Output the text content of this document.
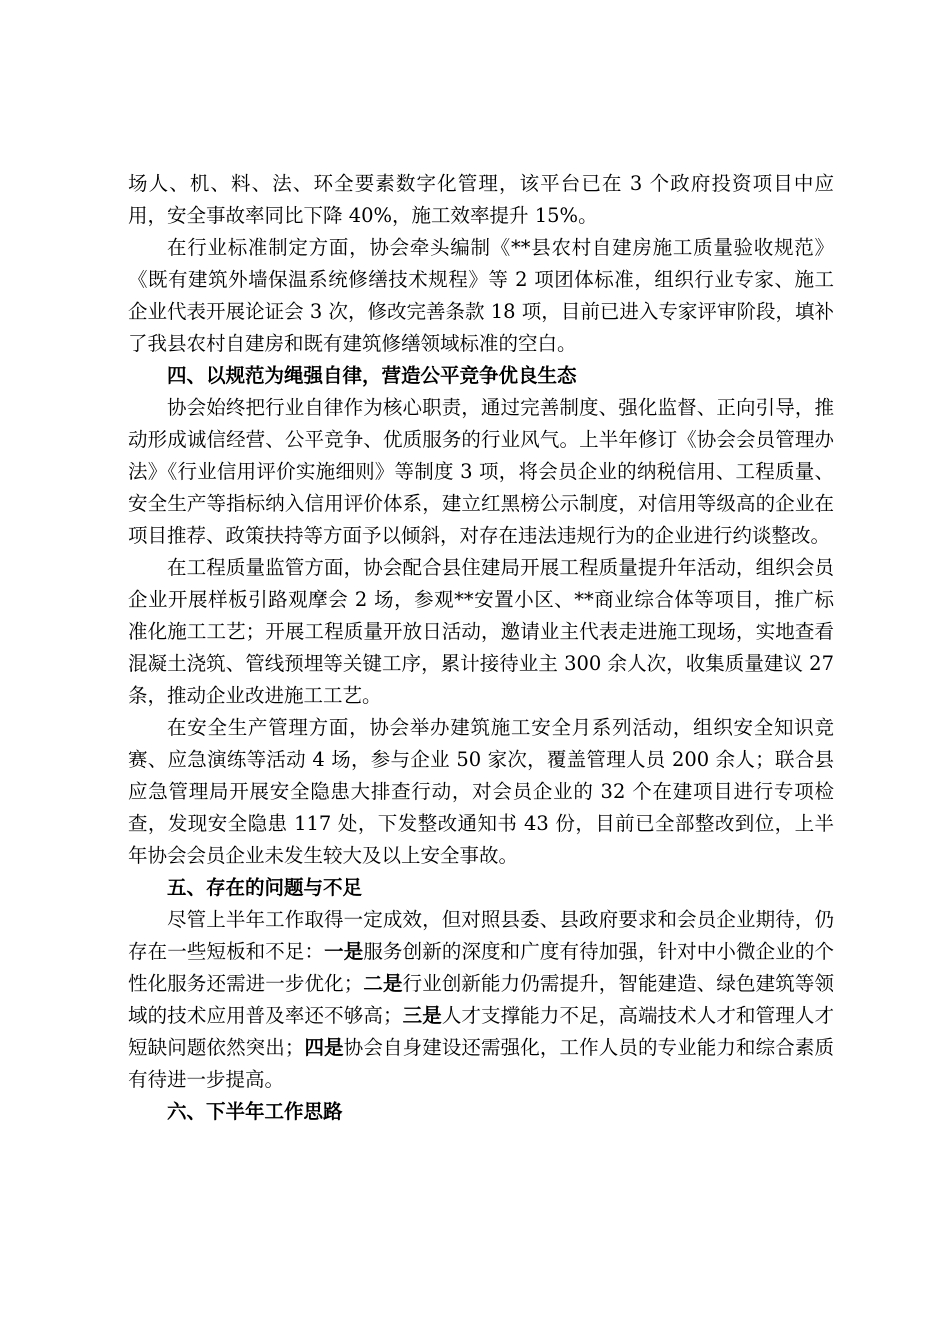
场人、机、料、法、环全要素数字化管理，该平台已在 3 个政府投资项目中应用，安全事故率同比下降 40%，施工效率提升 15%。

在行业标准制定方面，协会牵头编制《**县农村自建房施工质量验收规范》《既有建筑外墙保温系统修缮技术规程》等 2 项团体标准，组织行业专家、施工企业代表开展论证会 3 次，修改完善条款 18 项，目前已进入专家评审阶段，填补了我县农村自建房和既有建筑修缮领域标准的空白。

四、以规范为绳强自律，营造公平竞争优良生态

协会始终把行业自律作为核心职责，通过完善制度、强化监督、正向引导，推动形成诚信经营、公平竞争、优质服务的行业风气。上半年修订《协会会员管理办法》《行业信用评价实施细则》等制度 3 项，将会员企业的纳税信用、工程质量、安全生产等指标纳入信用评价体系，建立红黑榜公示制度，对信用等级高的企业在项目推荐、政策扶持等方面予以倾斜，对存在违法违规行为的企业进行约谈整改。

在工程质量监管方面，协会配合县住建局开展工程质量提升年活动，组织会员企业开展样板引路观摩会 2 场，参观**安置小区、**商业综合体等项目，推广标准化施工工艺；开展工程质量开放日活动，邀请业主代表走进施工现场，实地查看混凝土浇筑、管线预埋等关键工序，累计接待业主 300 余人次，收集质量建议 27 条，推动企业改进施工工艺。

在安全生产管理方面，协会举办建筑施工安全月系列活动，组织安全知识竞赛、应急演练等活动 4 场，参与企业 50 家次，覆盖管理人员 200 余人；联合县应急管理局开展安全隐患大排查行动，对会员企业的 32 个在建项目进行专项检查，发现安全隐患 117 处，下发整改通知书 43 份，目前已全部整改到位，上半年协会会员企业未发生较大及以上安全事故。

五、存在的问题与不足

尽管上半年工作取得一定成效，但对照县委、县政府要求和会员企业期待，仍存在一些短板和不足：一是服务创新的深度和广度有待加强，针对中小微企业的个性化服务还需进一步优化；二是行业创新能力仍需提升，智能建造、绿色建筑等领域的技术应用普及率还不够高；三是人才支撑能力不足，高端技术人才和管理人才短缺问题依然突出；四是协会自身建设还需强化，工作人员的专业能力和综合素质有待进一步提高。

六、下半年工作思路
